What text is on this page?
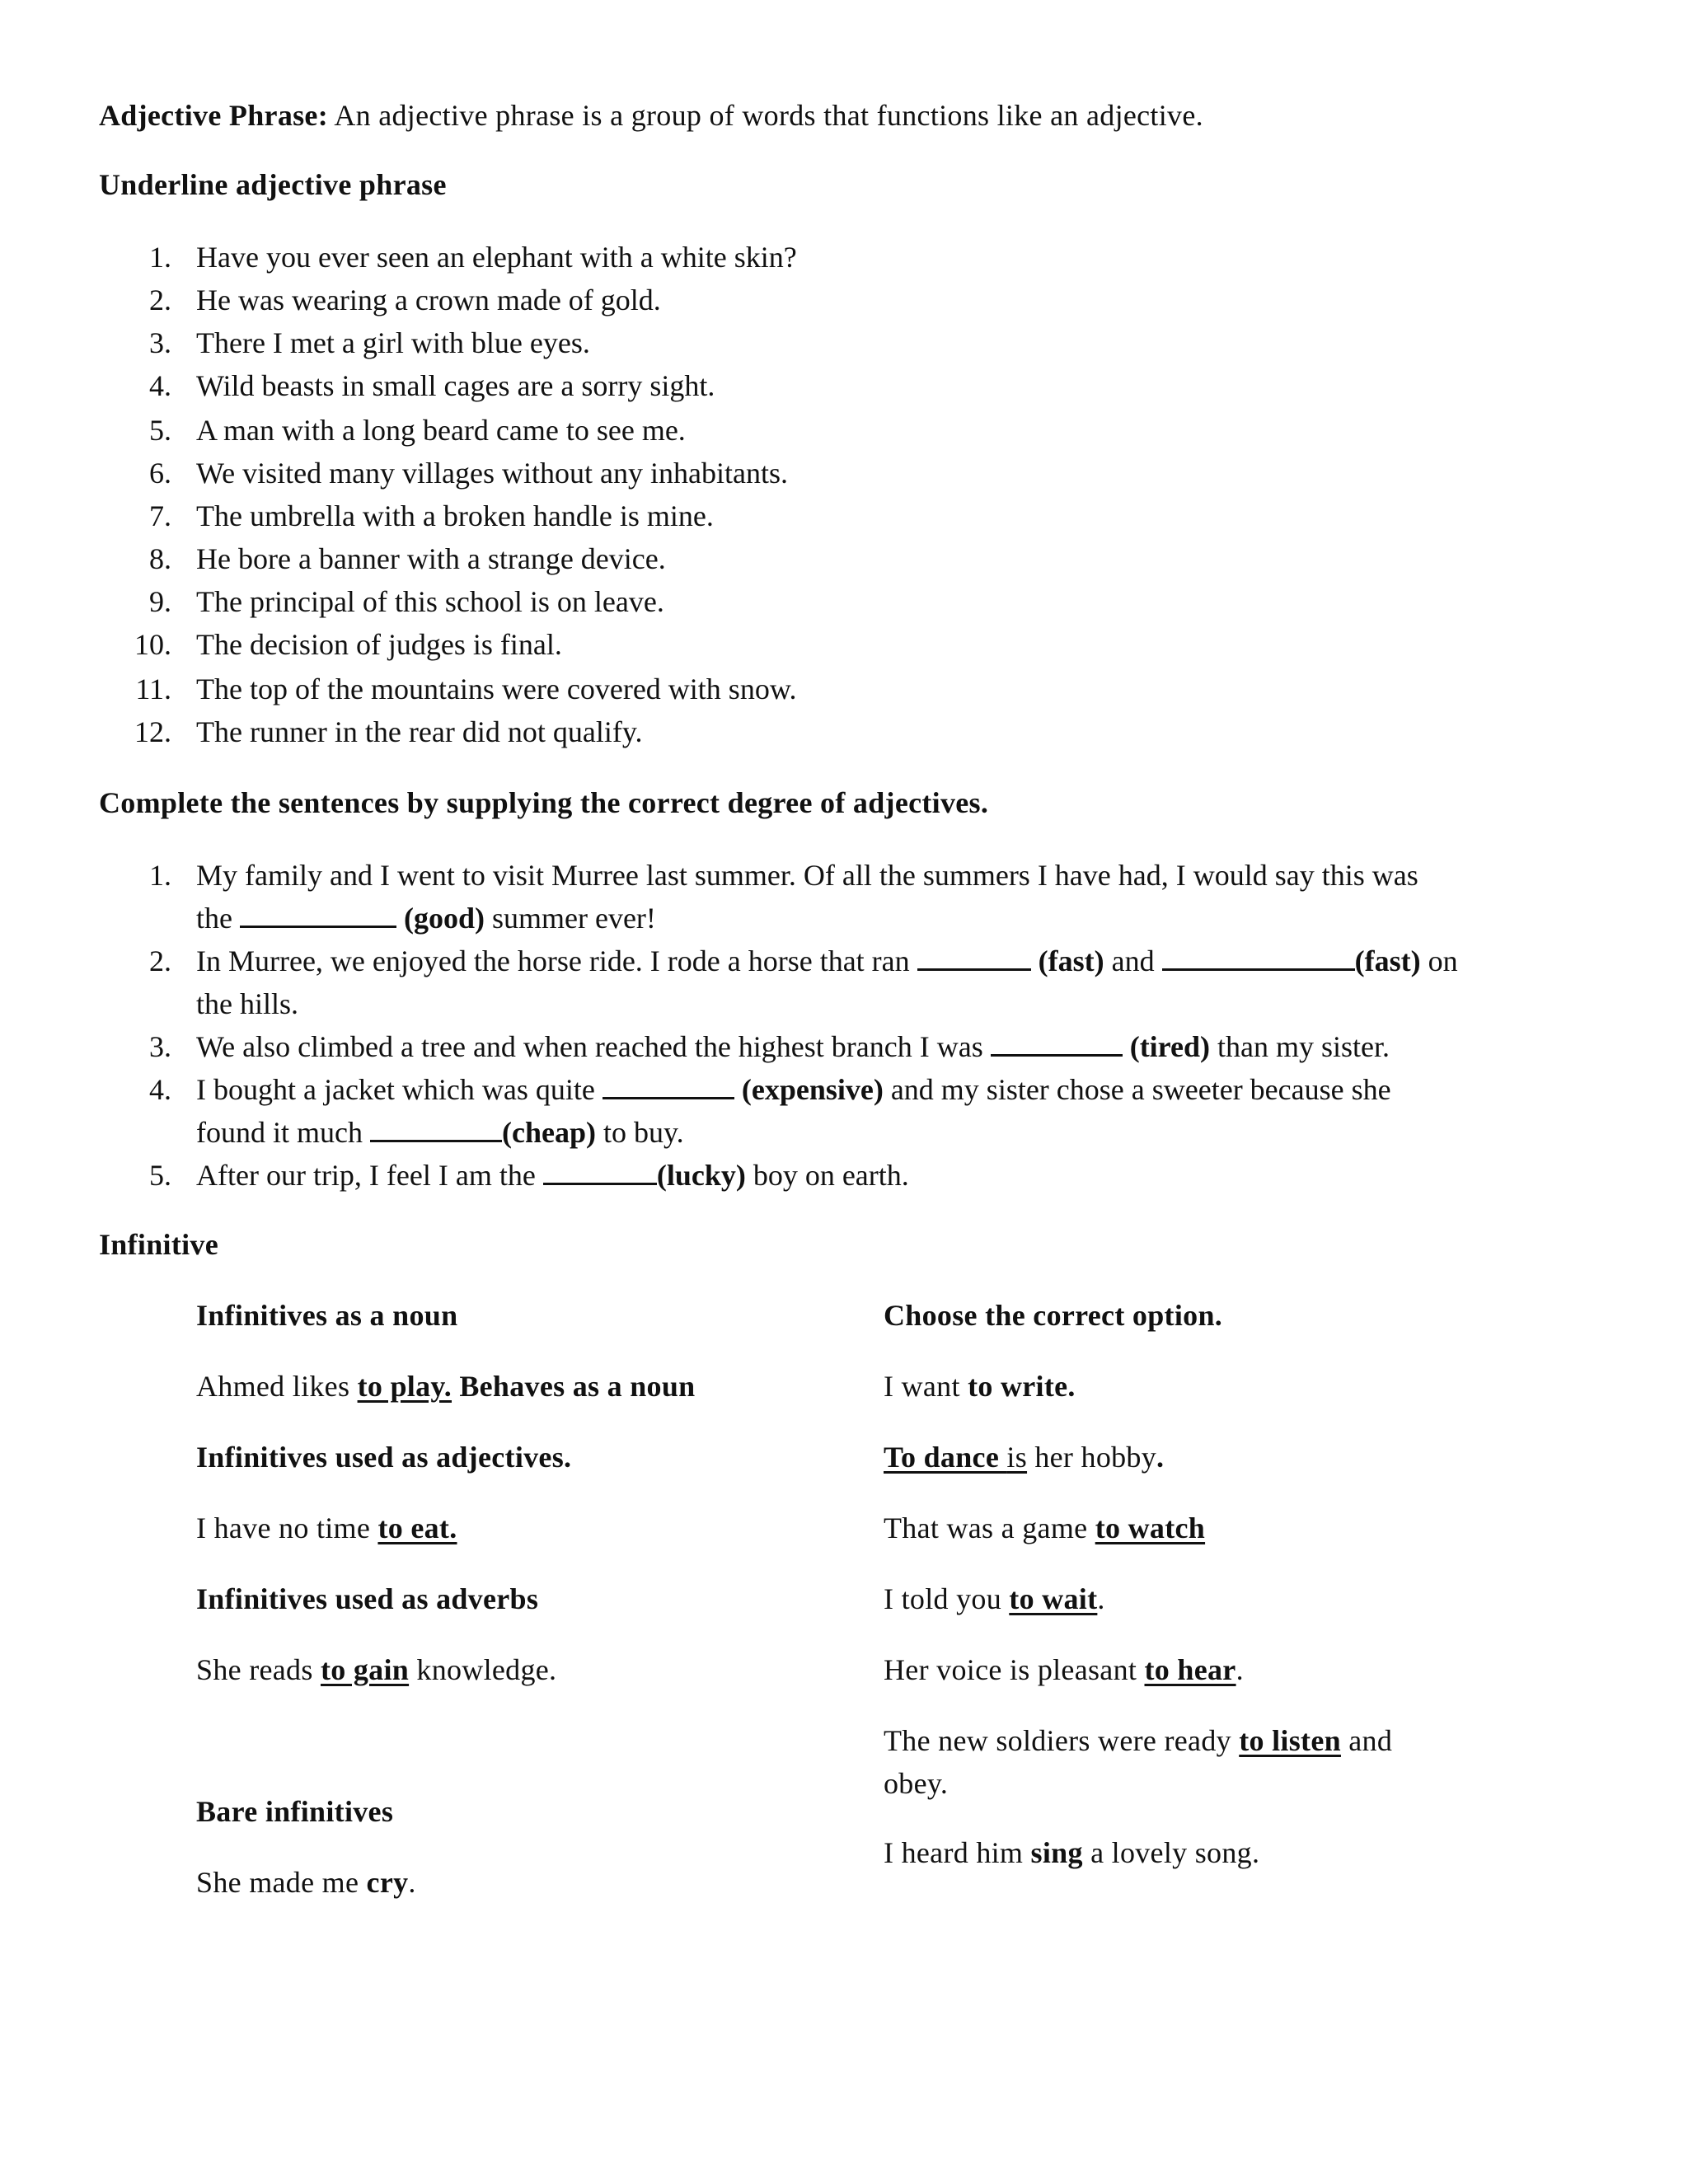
Adjective Phrase: An adjective phrase is a group of words that functions like an adjective.
Underline adjective phrase
1. Have you ever seen an elephant with a white skin?
2. He was wearing a crown made of gold.
3. There I met a girl with blue eyes.
4. Wild beasts in small cages are a sorry sight.
5. A man with a long beard came to see me.
6. We visited many villages without any inhabitants.
7. The umbrella with a broken handle is mine.
8. He bore a banner with a strange device.
9. The principal of this school is on leave.
10. The decision of judges is final.
11. The top of the mountains were covered with snow.
12. The runner in the rear did not qualify.
Complete the sentences by supplying the correct degree of adjectives.
1. My family and I went to visit Murree last summer. Of all the summers I have had, I would say this was
the	(good) summer ever!
2. In Murree, we enjoyed the horse ride. I rode a horse that ran	(fast) and	(fast) on
the hills.
3. We also climbed a tree and when reached the highest branch I was	(tired) than my sister.
4. I bought a jacket which was quite	(expensive) and my sister chose a sweeter because she
found it much	(cheap) to buy.
5. After our trip, I feel I am the	(lucky) boy on earth.
Infinitive
Infinitives as a noun
Ahmed likes to play. Behaves as a noun
Infinitives used as adjectives.
I have no time to eat.
Infinitives used as adverbs
She reads to gain knowledge.
Bare infinitives
She made me cry.
Choose the correct option.
I want to write.
To dance is her hobby.
That was a game to watch
I told you to wait.
Her voice is pleasant to hear.
The new soldiers were ready to listen and
obey.
I heard him sing a lovely song.
